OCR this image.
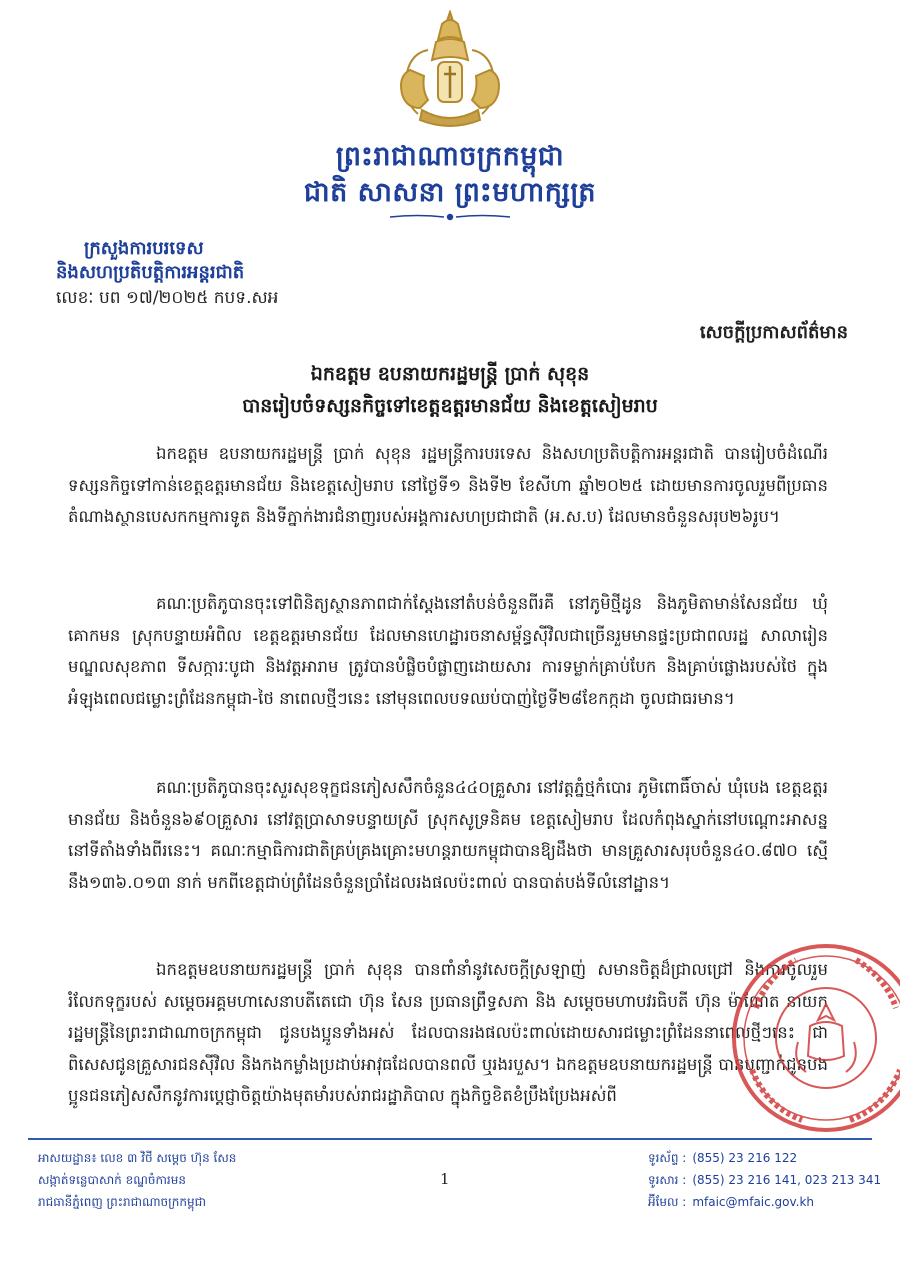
ព្រះរាជាណាចក្រកម្ពុជា
ជាតិ សាសនា ព្រះមហាក្សត្រ
ក្រសួងការបរទេស
និងសហប្រតិបត្តិការអន្តរជាតិ
លេខៈ បព ១៧/២០២៥ កបទ.សអ
សេចក្តីប្រកាសព័ត៌មាន
ឯកឧត្តម ឧបនាយករដ្ឋមន្ត្រី ប្រាក់ សុខុន
បានរៀបចំទស្សនកិច្ចទៅខេត្តឧត្តរមានជ័យ និងខេត្តសៀមរាប

ឯកឧត្តម ឧបនាយករដ្ឋមន្ត្រី ប្រាក់ សុខុន រដ្ឋមន្ត្រីការបរទេស និងសហប្រតិបត្តិការអន្តរជាតិ បានរៀបចំដំណើរទស្សនកិច្ចទៅកាន់ខេត្តឧត្តរមានជ័យ និងខេត្តសៀមរាប នៅថ្ងៃទី១ និងទី២ ខែសីហា ឆ្នាំ២០២៥ ដោយមានការចូលរួមពីប្រធាន តំណាងស្ថានបេសកកម្មការទូត និងទីភ្នាក់ងារជំនាញរបស់អង្គការសហប្រជាជាតិ (អ.ស.ប) ដែលមានចំនួនសរុប២៦រូប។

គណៈប្រតិភូបានចុះទៅពិនិត្យស្ថានភាពជាក់ស្តែងនៅតំបន់ចំនួនពីរគឺ នៅភូមិថ្មីដូន និងភូមិតាមាន់សែនជ័យ ឃុំគោកមន ស្រុកបន្ទាយអំពិល ខេត្តឧត្តរមានជ័យ ដែលមានហេដ្ឋារចនាសម្ព័ន្ធស៊ីវិលជាច្រើនរួមមានផ្ទះប្រជាពលរដ្ឋ សាលារៀន មណ្ឌលសុខភាព ទីសក្ការៈបូជា និងវត្តអារាម ត្រូវបានបំផ្លិចបំផ្លាញដោយសារ ការទម្លាក់គ្រាប់បែក និងគ្រាប់ផ្លោងរបស់ថៃ ក្នុងអំឡុងពេលជម្លោះព្រំដែនកម្ពុជា-ថៃ នាពេលថ្មីៗនេះ នៅមុនពេលបទឈប់បាញ់ថ្ងៃទី២៨ខែកក្កដា ចូលជាធរមាន។

គណៈប្រតិភូបានចុះសួរសុខទុក្ខជនភៀសសឹកចំនួន៤៤០គ្រួសារ នៅវត្តភ្នំថ្មកំបោរ ភូមិពោធិ៍ចាស់ ឃុំបេង ខេត្តឧត្តរមានជ័យ និងចំនួន៦៩០គ្រួសារ នៅវត្តប្រាសាទបន្ទាយស្រី ស្រុកសូទ្រនិគម ខេត្តសៀមរាប ដែលកំពុងស្នាក់នៅបណ្តោះអាសន្ននៅទីតាំងទាំងពីរនេះ។ គណៈកម្មាធិការជាតិគ្រប់គ្រងគ្រោះមហន្តរាយកម្ពុជាបានឱ្យដឹងថា មានគ្រួសារសរុបចំនួន៤០.៨៧០ ស្មើនឹង១៣៦.០១៣ នាក់ មកពីខេត្តជាប់ព្រំដែនចំនួនប្រាំដែលរងផលប៉ះពាល់ បានបាត់បង់ទីលំនៅដ្ឋាន។

ឯកឧត្តមឧបនាយករដ្ឋមន្ត្រី ប្រាក់ សុខុន បានពាំនាំនូវសេចក្តីស្រឡាញ់ សមានចិត្តដ៏ជ្រាលជ្រៅ និងការចូលរួមរំលែកទុក្ខរបស់ សម្តេចអគ្គមហាសេនាបតីតេជោ ហ៊ុន សែន ប្រធានព្រឹទ្ធសភា និង សម្តេចមហាបវរធិបតី ហ៊ុន ម៉ាណែត នាយករដ្ឋមន្ត្រីនៃព្រះរាជាណាចក្រកម្ពុជា ជូនបងប្អូនទាំងអស់ ដែលបានរងផលប៉ះពាល់ដោយសារជម្លោះព្រំដែននាពេលថ្មីៗនេះ ជាពិសេសជូនគ្រួសារជនស៊ីវិល និងកងកម្លាំងប្រដាប់អាវុធដែលបានពលី ឬរងរបួស។ ឯកឧត្តមឧបនាយករដ្ឋមន្ត្រី បានបញ្ជាក់ជូនបងប្អូនជនភៀសសឹកនូវការប្តេជ្ញាចិត្តយ៉ាងមុតមាំរបស់រាជរដ្ឋាភិបាល ក្នុងកិច្ចខិតខំប្រឹងប្រែងអស់ពី

អាសយដ្ឋាន៖ លេខ ៣ វិថី សម្តេច ហ៊ុន សែន
សង្កាត់ទន្លេបាសាក់ ខណ្ឌចំការមន
រាជធានីភ្នំពេញ ព្រះរាជាណាចក្រកម្ពុជា
1
ទូរស័ព្ទ : (855) 23 216 122
ទូរសារ : (855) 23 216 141, 023 213 341
អ៊ីមែល : mfaic@mfaic.gov.kh
